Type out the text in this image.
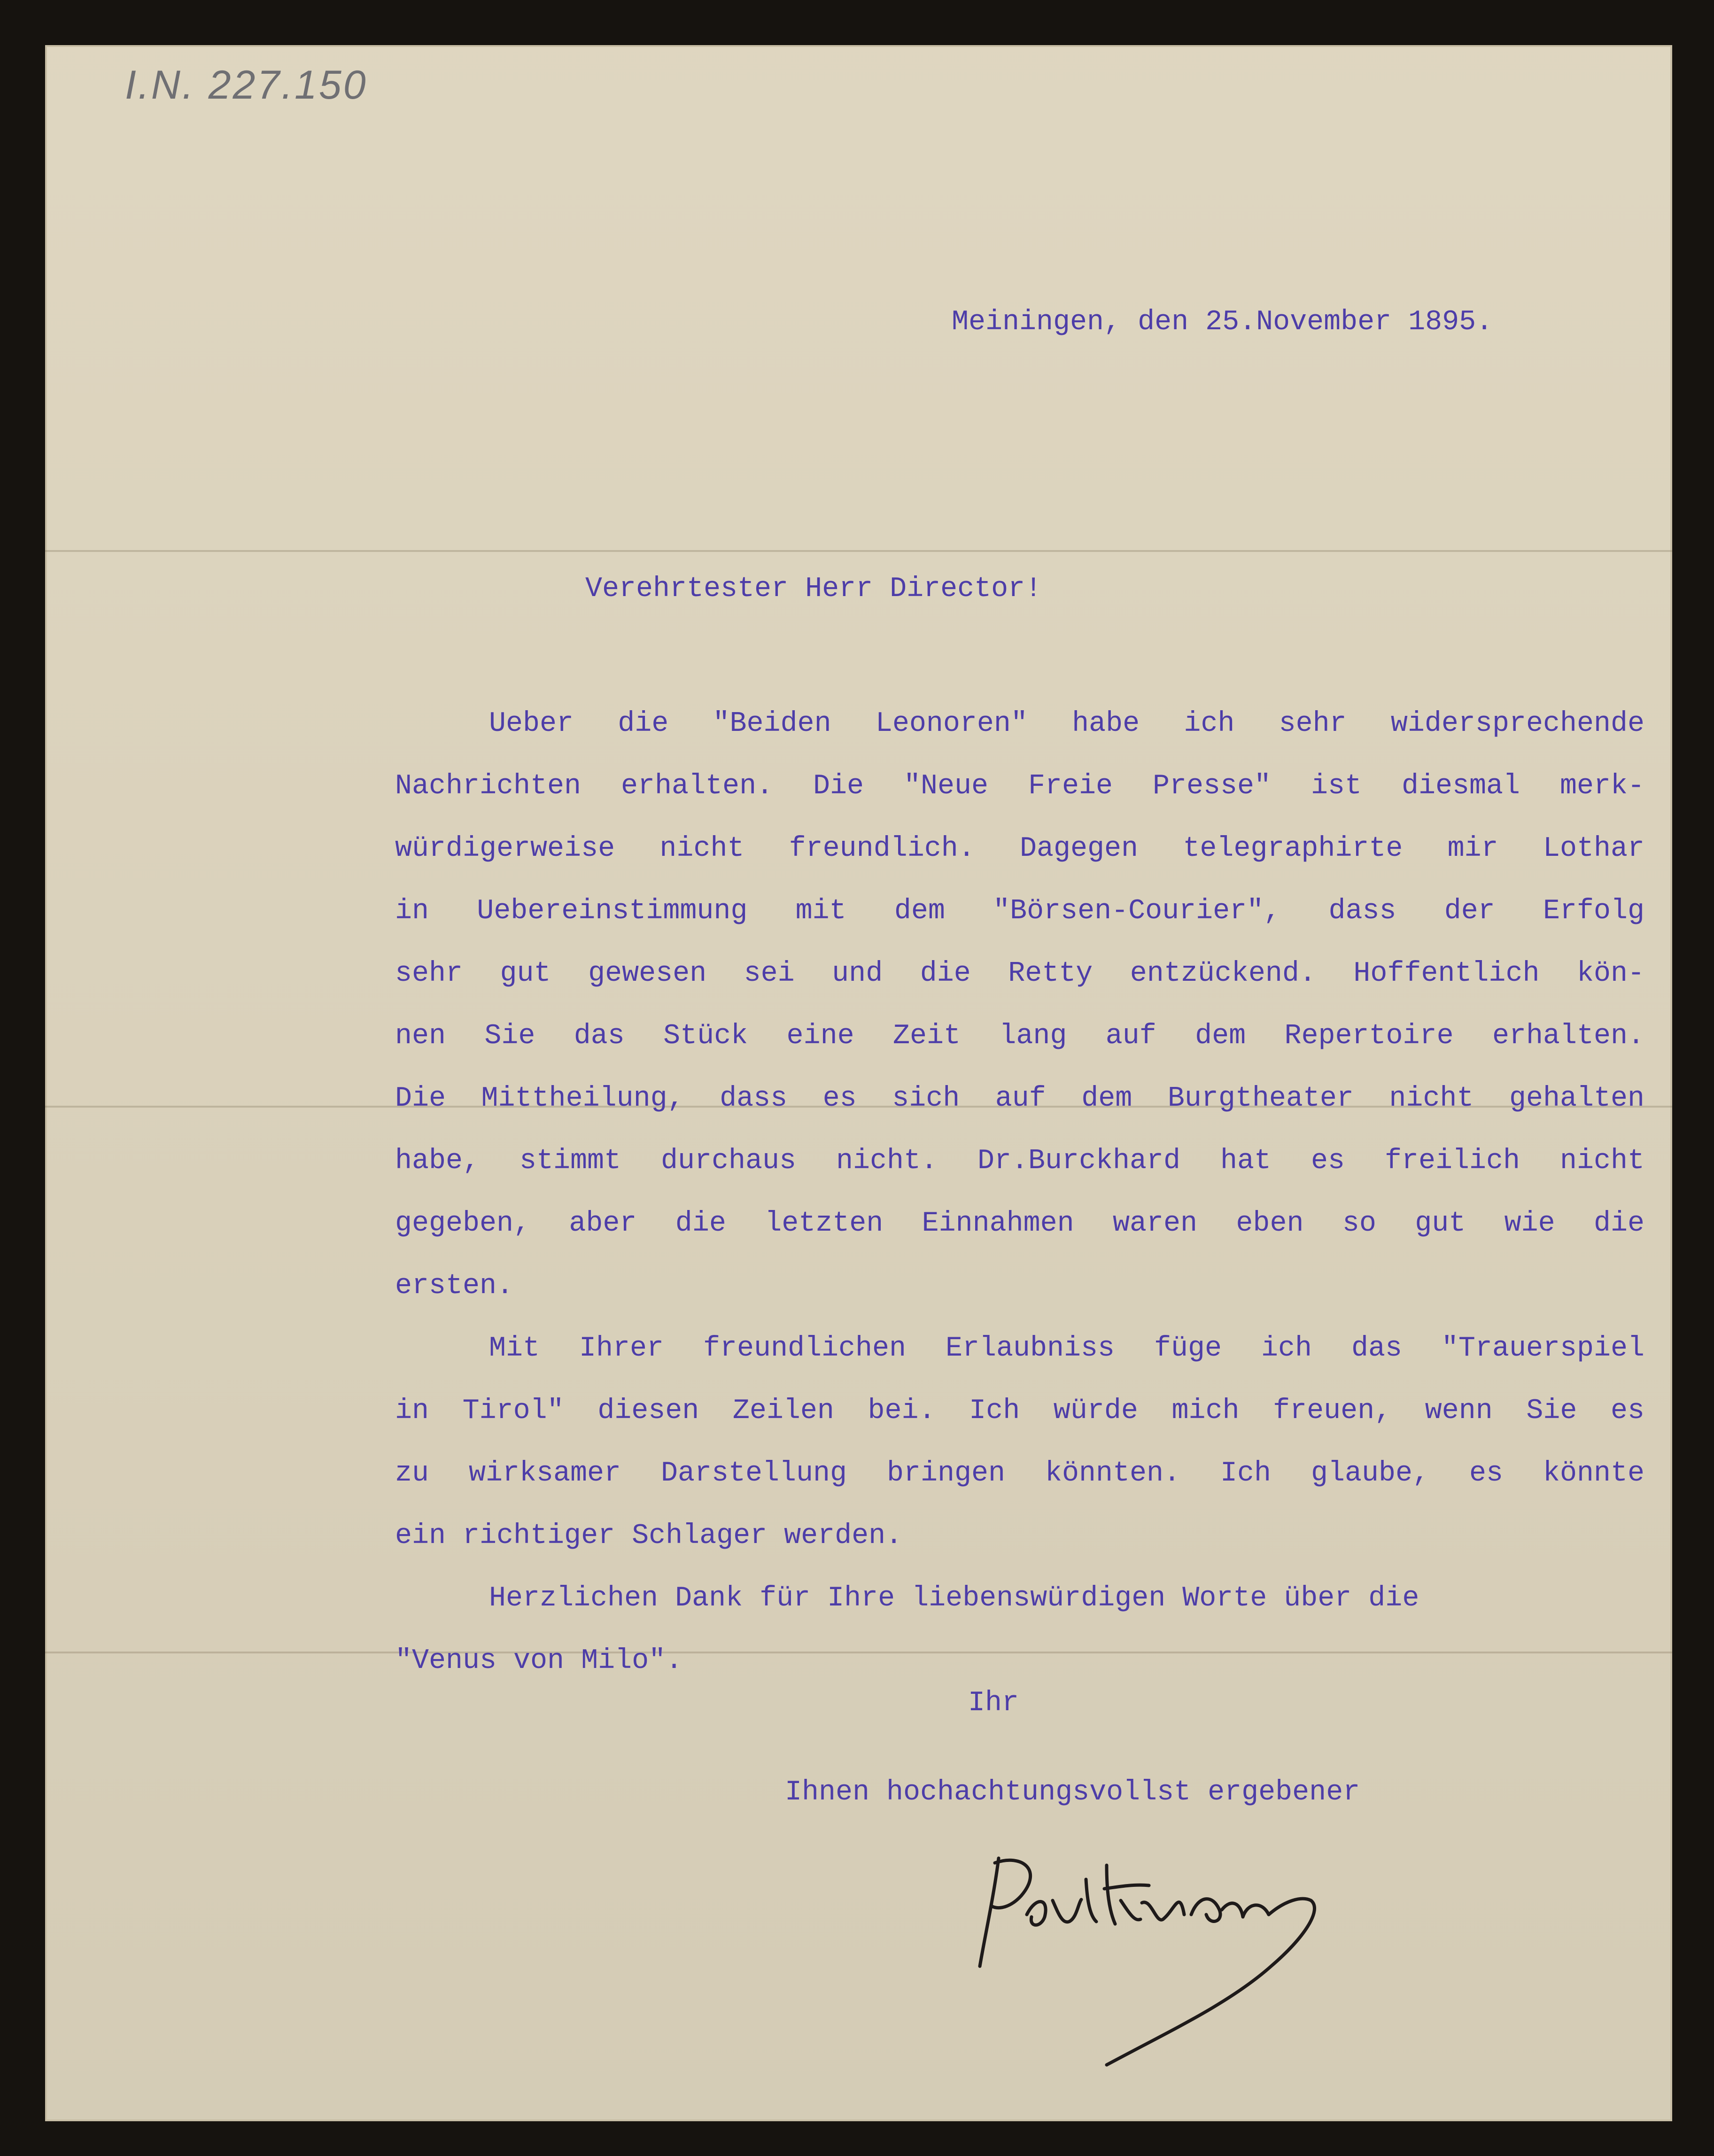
I.N. 227.150
Meiningen, den 25.November 1895.
Verehrtester Herr Director!
Ueber die "Beiden Leonoren" habe ich sehr widersprechende
Nachrichten erhalten. Die "Neue Freie Presse" ist diesmal merk-
würdigerweise nicht freundlich. Dagegen telegraphirte mir Lothar
in Uebereinstimmung mit dem "Börsen-Courier", dass der Erfolg
sehr gut gewesen sei und die Retty entzückend. Hoffentlich kön-
nen Sie das Stück eine Zeit lang auf dem Repertoire erhalten.
Die Mittheilung, dass es sich auf dem Burgtheater nicht gehalten
habe, stimmt durchaus nicht. Dr.Burckhard hat es freilich nicht
gegeben, aber die letzten Einnahmen waren eben so gut wie die
ersten.
Mit Ihrer freundlichen Erlaubniss füge ich das "Trauerspiel
in Tirol" diesen Zeilen bei. Ich würde mich freuen, wenn Sie es
zu wirksamer Darstellung bringen könnten. Ich glaube, es könnte
ein richtiger Schlager werden.
Herzlichen Dank für Ihre liebenswürdigen Worte über die
"Venus von Milo".
Ihr
Ihnen hochachtungsvollst ergebener
